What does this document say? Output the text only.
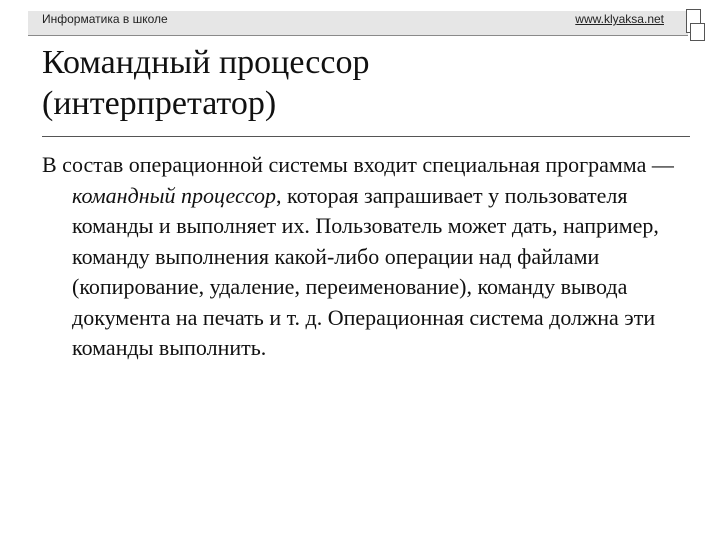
Информатика в школе	www.klyaksa.net
Командный процессор
(интерпретатор)

В состав операционной системы входит специальная программа — командный процессор, которая запрашивает у пользователя команды и выполняет их. Пользователь может дать, например, команду выполнения какой-либо операции над файлами (копирование, удаление, переименование), команду вывода документа на печать и т. д. Операционная система должна эти команды выполнить.
